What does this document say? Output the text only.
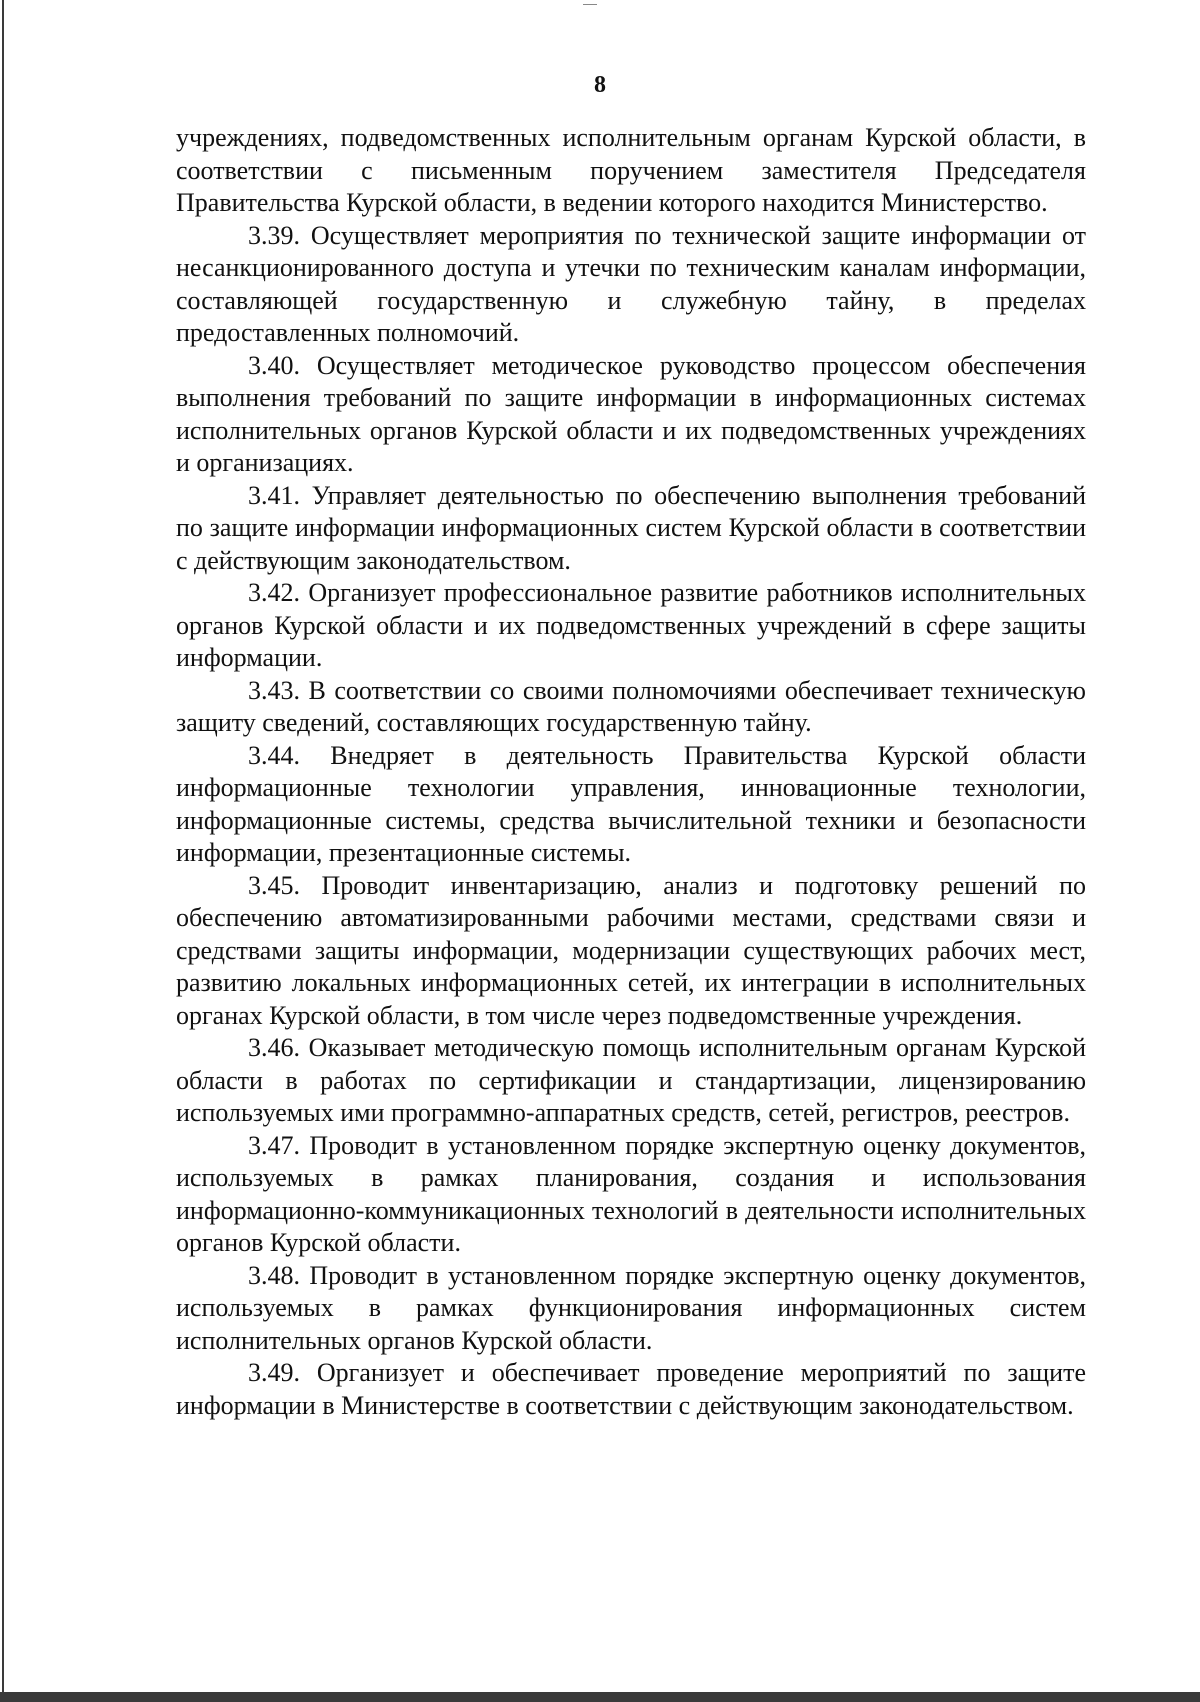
8

учреждениях, подведомственных исполнительным органам Курской области, в соответствии с письменным поручением заместителя Председателя Правительства Курской области, в ведении которого находится Министерство.

3.39. Осуществляет мероприятия по технической защите информации от несанкционированного доступа и утечки по техническим каналам информации, составляющей государственную и служебную тайну, в пределах предоставленных полномочий.

3.40. Осуществляет методическое руководство процессом обеспечения выполнения требований по защите информации в информационных системах исполнительных органов Курской области и их подведомственных учреждениях и организациях.

3.41. Управляет деятельностью по обеспечению выполнения требований по защите информации информационных систем Курской области в соответствии с действующим законодательством.

3.42. Организует профессиональное развитие работников исполнительных органов Курской области и их подведомственных учреждений в сфере защиты информации.

3.43. В соответствии со своими полномочиями обеспечивает техническую защиту сведений, составляющих государственную тайну.

3.44. Внедряет в деятельность Правительства Курской области информационные технологии управления, инновационные технологии, информационные системы, средства вычислительной техники и безопасности информации, презентационные системы.

3.45. Проводит инвентаризацию, анализ и подготовку решений по обеспечению автоматизированными рабочими местами, средствами связи и средствами защиты информации, модернизации существующих рабочих мест, развитию локальных информационных сетей, их интеграции в исполнительных органах Курской области, в том числе через подведомственные учреждения.

3.46. Оказывает методическую помощь исполнительным органам Курской области в работах по сертификации и стандартизации, лицензированию используемых ими программно-аппаратных средств, сетей, регистров, реестров.

3.47. Проводит в установленном порядке экспертную оценку документов, используемых в рамках планирования, создания и использования информационно-коммуникационных технологий в деятельности исполнительных органов Курской области.

3.48. Проводит в установленном порядке экспертную оценку документов, используемых в рамках функционирования информационных систем исполнительных органов Курской области.

3.49. Организует и обеспечивает проведение мероприятий по защите информации в Министерстве в соответствии с действующим законодательством.
